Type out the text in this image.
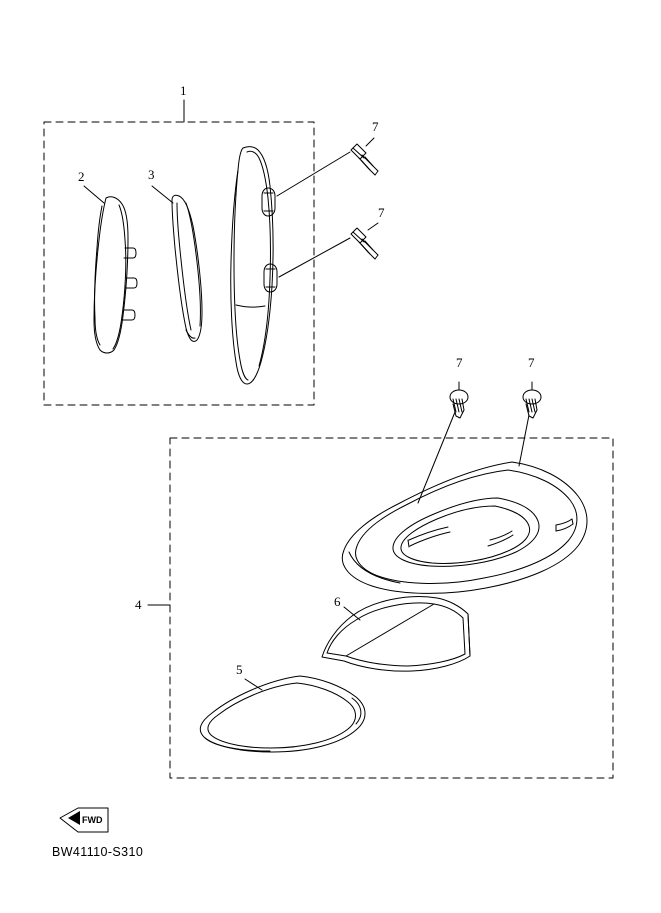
1
2	3
7
7
7	7
4	6
5
FWD
BW41110-S310
